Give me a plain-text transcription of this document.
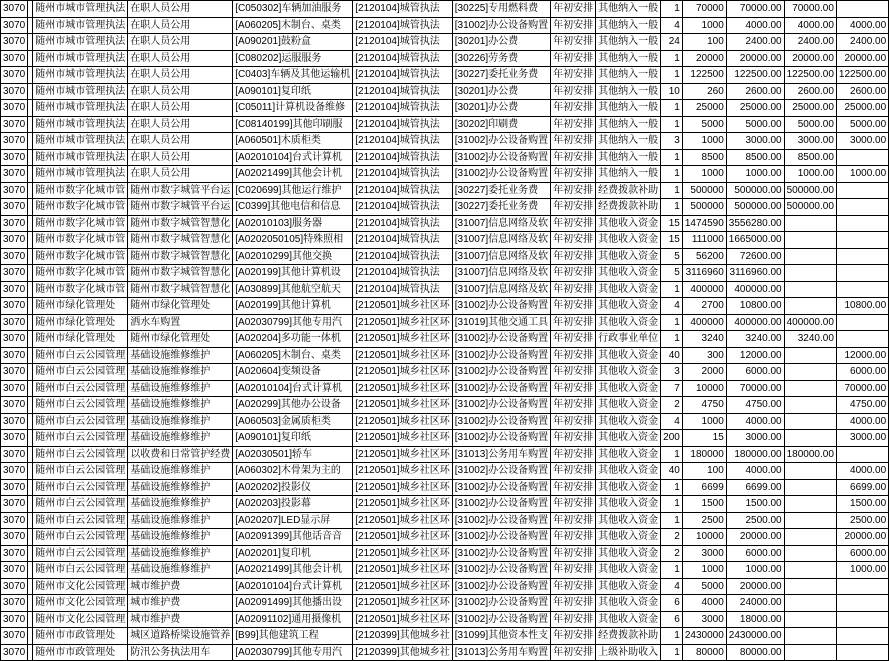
3070		随州市城市管理执法	在职人员公用	[C050302]车辆加油服务	[2120104]城管执法	[30225]专用燃料费	年初安排	其他纳入一般	1	70000	70000.00	70000.00	
3070		随州市城市管理执法	在职人员公用	[A060205]木制台、桌类	[2120104]城管执法	[31002]办公设备购置	年初安排	其他纳入一般	4	1000	4000.00	4000.00	4000.00
3070		随州市城市管理执法	在职人员公用	[A090201]鼓粉盒	[2120104]城管执法	[30201]办公费	年初安排	其他纳入一般	24	100	2400.00	2400.00	2400.00
3070		随州市城市管理执法	在职人员公用	[C080202]运服服务	[2120104]城管执法	[30226]劳务费	年初安排	其他纳入一般	1	20000	20000.00	20000.00	20000.00
3070		随州市城市管理执法	在职人员公用	[C0403]车辆及其他运输机	[2120104]城管执法	[30227]委托业务费	年初安排	其他纳入一般	1	122500	122500.00	122500.00	122500.00
3070		随州市城市管理执法	在职人员公用	[A090101]复印纸	[2120104]城管执法	[30201]办公费	年初安排	其他纳入一般	10	260	2600.00	2600.00	2600.00
3070		随州市城市管理执法	在职人员公用	[C05011]计算机设备维修	[2120104]城管执法	[30201]办公费	年初安排	其他纳入一般	1	25000	25000.00	25000.00	25000.00
3070		随州市城市管理执法	在职人员公用	[C08140199]其他印刷服	[2120104]城管执法	[30202]印刷费	年初安排	其他纳入一般	1	5000	5000.00	5000.00	5000.00
3070		随州市城市管理执法	在职人员公用	[A060501]木质柜类	[2120104]城管执法	[31002]办公设备购置	年初安排	其他纳入一般	3	1000	3000.00	3000.00	3000.00
3070		随州市城市管理执法	在职人员公用	[A02010104]台式计算机	[2120104]城管执法	[31002]办公设备购置	年初安排	其他纳入一般	1	8500	8500.00	8500.00	
3070		随州市城市管理执法	在职人员公用	[A02021499]其他会计机	[2120104]城管执法	[31002]办公设备购置	年初安排	其他纳入一般	1	1000	1000.00	1000.00	1000.00
3070		随州市数字化城市管	随州市数字城管平台运	[C020699]其他运行维护	[2120104]城管执法	[30227]委托业务费	年初安排	经费拨款补助	1	500000	500000.00	500000.00	
3070		随州市数字化城市管	随州市数字城管平台运	[C0399]其他电信和信息	[2120104]城管执法	[30227]委托业务费	年初安排	经费拨款补助	1	500000	500000.00	500000.00	
3070		随州市数字化城市管	随州市数字城管智慧化	[A02010103]服务器	[2120104]城管执法	[31007]信息网络及软	年初安排	其他收入资金	15	1474590	3556280.00		
3070		随州市数字化城市管	随州市数字城管智慧化	[A0202050105]特殊照相	[2120104]城管执法	[31007]信息网络及软	年初安排	其他收入资金	15	111000	1665000.00		
3070		随州市数字化城市管	随州市数字城管智慧化	[A02010299]其他交换	[2120104]城管执法	[31007]信息网络及软	年初安排	其他收入资金	5	56200	72600.00		
3070		随州市数字化城市管	随州市数字城管智慧化	[A020199]其他计算机设	[2120104]城管执法	[31007]信息网络及软	年初安排	其他收入资金	5	3116960	3116960.00		
3070		随州市数字化城市管	随州市数字城管智慧化	[A030899]其他航空航天	[2120104]城管执法	[31007]信息网络及软	年初安排	其他收入资金	1	400000	400000.00		
3070		随州市绿化管理处	随州市绿化管理处	[A020199]其他计算机	[2120501]城乡社区环	[31002]办公设备购置	年初安排	其他收入资金	4	2700	10800.00		10800.00
3070		随州市绿化管理处	洒水车购置	[A02030799]其他专用汽	[2120501]城乡社区环	[31019]其他交通工具	年初安排	其他收入资金	1	400000	400000.00	400000.00	
3070		随州市绿化管理处	随州市绿化管理处	[A020204]多功能一体机	[2120501]城乡社区环	[31002]办公设备购置	年初安排	行政事业单位	1	3240	3240.00	3240.00	
3070		随州市白云公园管理	基础设施维修维护	[A060205]木制台、桌类	[2120501]城乡社区环	[31002]办公设备购置	年初安排	其他收入资金	40	300	12000.00		12000.00
3070		随州市白云公园管理	基础设施维修维护	[A020604]变频设备	[2120501]城乡社区环	[31002]办公设备购置	年初安排	其他收入资金	3	2000	6000.00		6000.00
3070		随州市白云公园管理	基础设施维修维护	[A02010104]台式计算机	[2120501]城乡社区环	[31002]办公设备购置	年初安排	其他收入资金	7	10000	70000.00		70000.00
3070		随州市白云公园管理	基础设施维修维护	[A020299]其他办公设备	[2120501]城乡社区环	[31002]办公设备购置	年初安排	其他收入资金	2	4750	4750.00		4750.00
3070		随州市白云公园管理	基础设施维修维护	[A060503]金属质柜类	[2120501]城乡社区环	[31002]办公设备购置	年初安排	其他收入资金	4	1000	4000.00		4000.00
3070		随州市白云公园管理	基础设施维修维护	[A090101]复印纸	[2120501]城乡社区环	[31002]办公设备购置	年初安排	其他收入资金	200	15	3000.00		3000.00
3070		随州市白云公园管理	以收费和日常管护经费	[A02030501]轿车	[2120501]城乡社区环	[31013]公务用车购置	年初安排	其他收入资金	1	180000	180000.00	180000.00	
3070		随州市白云公园管理	基础设施维修维护	[A060302]木骨架为主的	[2120501]城乡社区环	[31002]办公设备购置	年初安排	其他收入资金	40	100	4000.00		4000.00
3070		随州市白云公园管理	基础设施维修维护	[A020202]投影仪	[2120501]城乡社区环	[31002]办公设备购置	年初安排	其他收入资金	1	6699	6699.00		6699.00
3070		随州市白云公园管理	基础设施维修维护	[A020203]投影幕	[2120501]城乡社区环	[31002]办公设备购置	年初安排	其他收入资金	1	1500	1500.00		1500.00
3070		随州市白云公园管理	基础设施维修维护	[A020207]LED显示屏	[2120501]城乡社区环	[31002]办公设备购置	年初安排	其他收入资金	1	2500	2500.00		2500.00
3070		随州市白云公园管理	基础设施维修维护	[A02091399]其他话音音	[2120501]城乡社区环	[31002]办公设备购置	年初安排	其他收入资金	2	10000	20000.00		20000.00
3070		随州市白云公园管理	基础设施维修维护	[A020201]复印机	[2120501]城乡社区环	[31002]办公设备购置	年初安排	其他收入资金	2	3000	6000.00		6000.00
3070		随州市白云公园管理	基础设施维修维护	[A02021499]其他会计机	[2120501]城乡社区环	[31002]办公设备购置	年初安排	其他收入资金	1	1000	1000.00		1000.00
3070		随州市文化公园管理	城市维护费	[A02010104]台式计算机	[2120501]城乡社区环	[31002]办公设备购置	年初安排	其他收入资金	4	5000	20000.00		
3070		随州市文化公园管理	城市维护费	[A02091499]其他播出设	[2120501]城乡社区环	[31002]办公设备购置	年初安排	其他收入资金	6	4000	24000.00		
3070		随州市文化公园管理	城市维护费	[A02091102]通用摄像机	[2120501]城乡社区环	[31002]办公设备购置	年初安排	其他收入资金	6	3000	18000.00		
3070		随州市市政管理处	城区道路桥梁设施管养	[B99]其他建筑工程	[2120399]其他城乡社	[31099]其他资本性支	年初安排	经费拨款补助	1	2430000	2430000.00		
3070		随州市市政管理处	防汛公务执法用车	[A02030799]其他专用汽	[2120399]其他城乡社	[31013]公务用车购置	年初安排	上级补助收入	1	80000	80000.00		
